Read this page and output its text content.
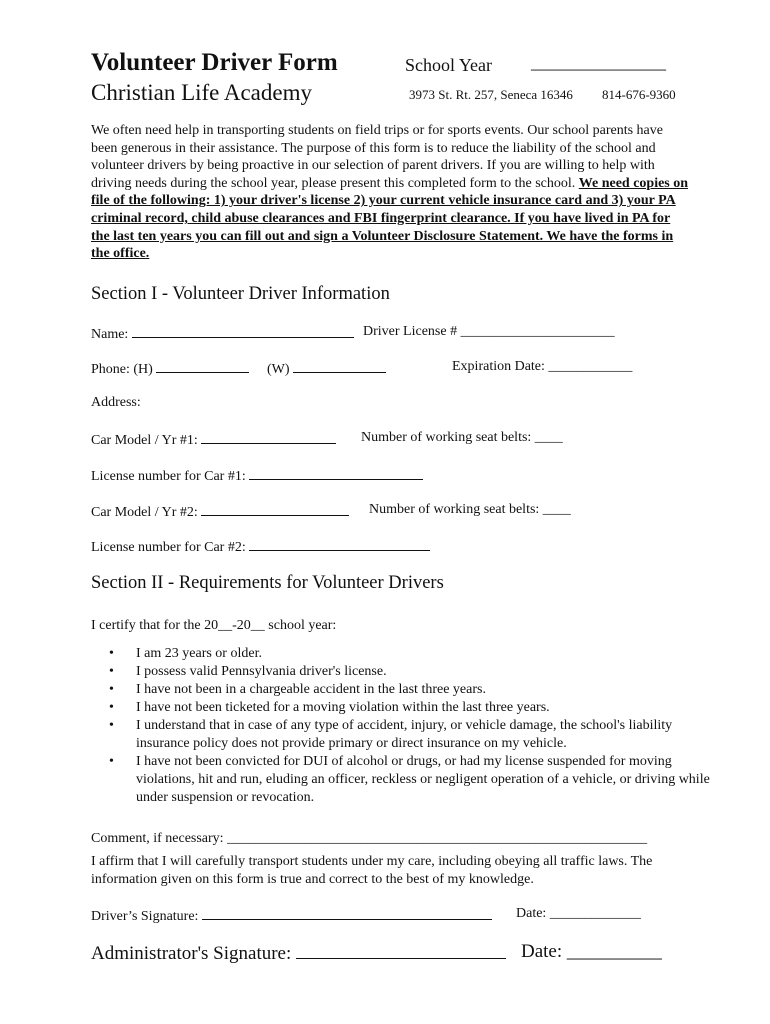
Volunteer Driver Form	School Year _______________
Christian Life Academy	3973 St. Rt. 257, Seneca 16346 814-676-9360
We often need help in transporting students on field trips or for sports events. Our school parents have been generous in their assistance. The purpose of this form is to reduce the liability of the school and volunteer drivers by being proactive in our selection of parent drivers. If you are willing to help with driving needs during the school year, please present this completed form to the school. We need copies on file of the following: 1) your driver's license 2) your current vehicle insurance card and 3) your PA criminal record, child abuse clearances and FBI fingerprint clearance. If you have lived in PA for the last ten years you can fill out and sign a Volunteer Disclosure Statement. We have the forms in the office.
Section I - Volunteer Driver Information
Name:	Driver License # ______________________
Phone: (H)	(W)	Expiration Date: ____________
Address:
Car Model / Yr #1:	Number of working seat belts: ____
License number for Car #1:
Car Model / Yr #2:	Number of working seat belts: ____
License number for Car #2:
Section II - Requirements for Volunteer Drivers
I certify that for the 20__-20__ school year:
• I am 23 years or older.
• I possess valid Pennsylvania driver's license.
• I have not been in a chargeable accident in the last three years.
• I have not been ticketed for a moving violation within the last three years.
• I understand that in case of any type of accident, injury, or vehicle damage, the school's liability insurance policy does not provide primary or direct insurance on my vehicle.
• I have not been convicted for DUI of alcohol or drugs, or had my license suspended for moving violations, hit and run, eluding an officer, reckless or negligent operation of a vehicle, or driving while under suspension or revocation.
Comment, if necessary: ____________________________________________________________
I affirm that I will carefully transport students under my care, including obeying all traffic laws. The information given on this form is true and correct to the best of my knowledge.
Driver’s Signature:	Date: _____________
Administrator's Signature:	Date: __________
